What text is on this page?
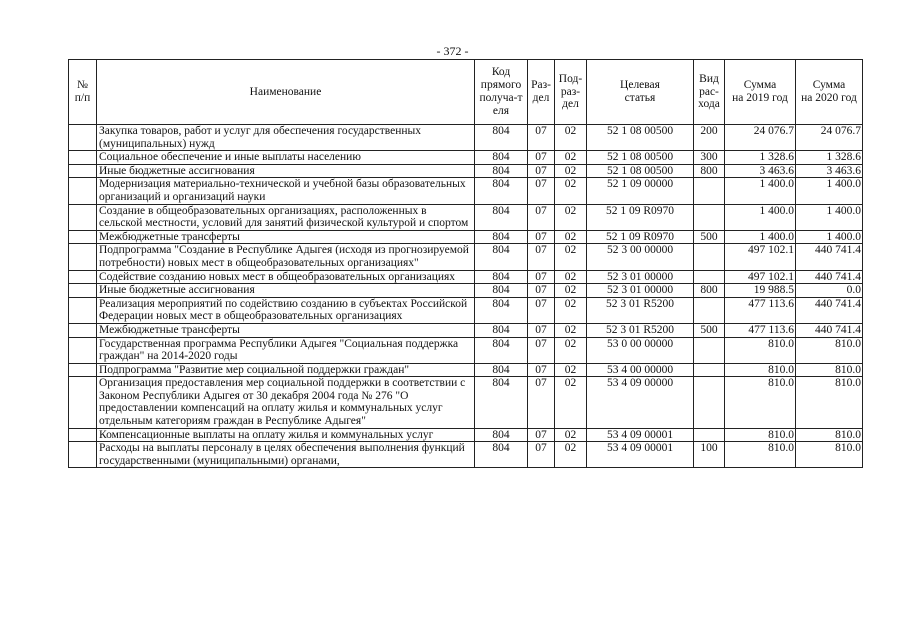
- 372 -
№
п/п	Наименование	Код
прямого
получа-т
еля	Раз-
дел	Под-
раз-
дел	Целевая
статья	Вид
рас-
хода	Сумма
на 2019 год	Сумма
на 2020 год

	Закупка товаров, работ и услуг для обеспечения государственных (муниципальных) нужд	804	07	02	52 1 08 00500	200	24 076.7	24 076.7
	Социальное обеспечение и иные выплаты населению	804	07	02	52 1 08 00500	300	1 328.6	1 328.6
	Иные бюджетные ассигнования	804	07	02	52 1 08 00500	800	3 463.6	3 463.6
	Модернизация материально-технической и учебной базы образовательных организаций и организаций науки	804	07	02	52 1 09 00000		1 400.0	1 400.0
	Создание в общеобразовательных организациях, расположенных в сельской местности, условий для занятий физической культурой и спортом	804	07	02	52 1 09 R0970		1 400.0	1 400.0
	Межбюджетные трансферты	804	07	02	52 1 09 R0970	500	1 400.0	1 400.0
	Подпрограмма "Создание в Республике Адыгея (исходя из прогнозируемой потребности) новых мест в общеобразовательных организациях"	804	07	02	52 3 00 00000		497 102.1	440 741.4
	Содействие созданию новых мест в общеобразовательных организациях	804	07	02	52 3 01 00000		497 102.1	440 741.4
	Иные бюджетные ассигнования	804	07	02	52 3 01 00000	800	19 988.5	0.0
	Реализация мероприятий по содействию созданию в субъектах Российской Федерации новых мест в общеобразовательных организациях	804	07	02	52 3 01 R5200		477 113.6	440 741.4
	Межбюджетные трансферты	804	07	02	52 3 01 R5200	500	477 113.6	440 741.4
	Государственная программа Республики Адыгея "Социальная поддержка граждан" на 2014-2020 годы	804	07	02	53 0 00 00000		810.0	810.0
	Подпрограмма "Развитие мер социальной поддержки граждан"	804	07	02	53 4 00 00000		810.0	810.0
	Организация предоставления мер социальной поддержки в соответствии с Законом Республики Адыгея от 30 декабря 2004 года № 276 "О предоставлении компенсаций на оплату жилья и коммунальных услуг отдельным категориям граждан в Республике Адыгея"	804	07	02	53 4 09 00000		810.0	810.0
	Компенсационные выплаты на оплату жилья и коммунальных услуг	804	07	02	53 4 09 00001		810.0	810.0
	Расходы на выплаты персоналу в целях обеспечения выполнения функций государственными (муниципальными) органами,	804	07	02	53 4 09 00001	100	810.0	810.0
